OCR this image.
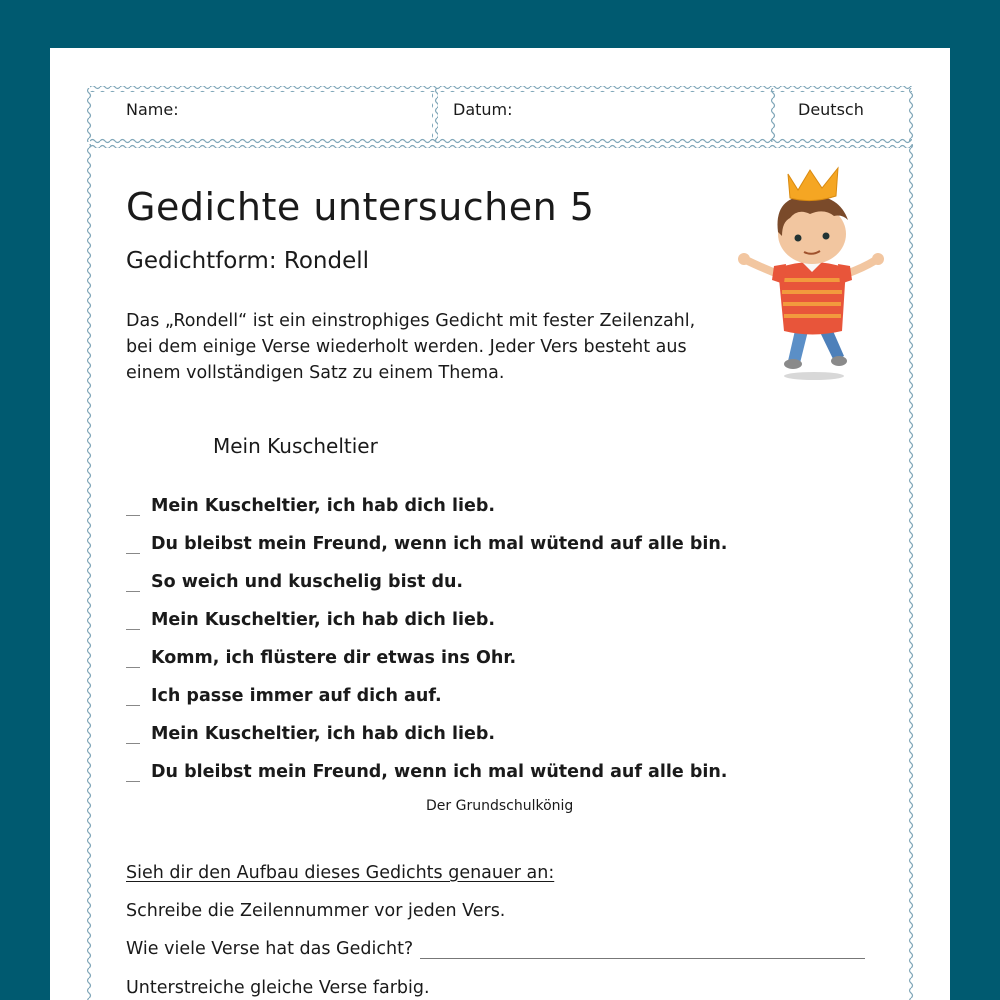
Name:	Datum:	Deutsch
Gedichte untersuchen 5
Gedichtform: Rondell
Das „Rondell“ ist ein einstrophiges Gedicht mit fester Zeilenzahl, bei dem einige Verse wiederholt werden. Jeder Vers besteht aus einem vollständigen Satz zu einem Thema.
Mein Kuscheltier
Mein Kuscheltier, ich hab dich lieb.
Du bleibst mein Freund, wenn ich mal wütend auf alle bin.
So weich und kuschelig bist du.
Mein Kuscheltier, ich hab dich lieb.
Komm, ich flüstere dir etwas ins Ohr.
Ich passe immer auf dich auf.
Mein Kuscheltier, ich hab dich lieb.
Du bleibst mein Freund, wenn ich mal wütend auf alle bin.
Der Grundschulkönig
Sieh dir den Aufbau dieses Gedichts genauer an:
Schreibe die Zeilennummer vor jeden Vers.
Wie viele Verse hat das Gedicht?
Unterstreiche gleiche Verse farbig.
